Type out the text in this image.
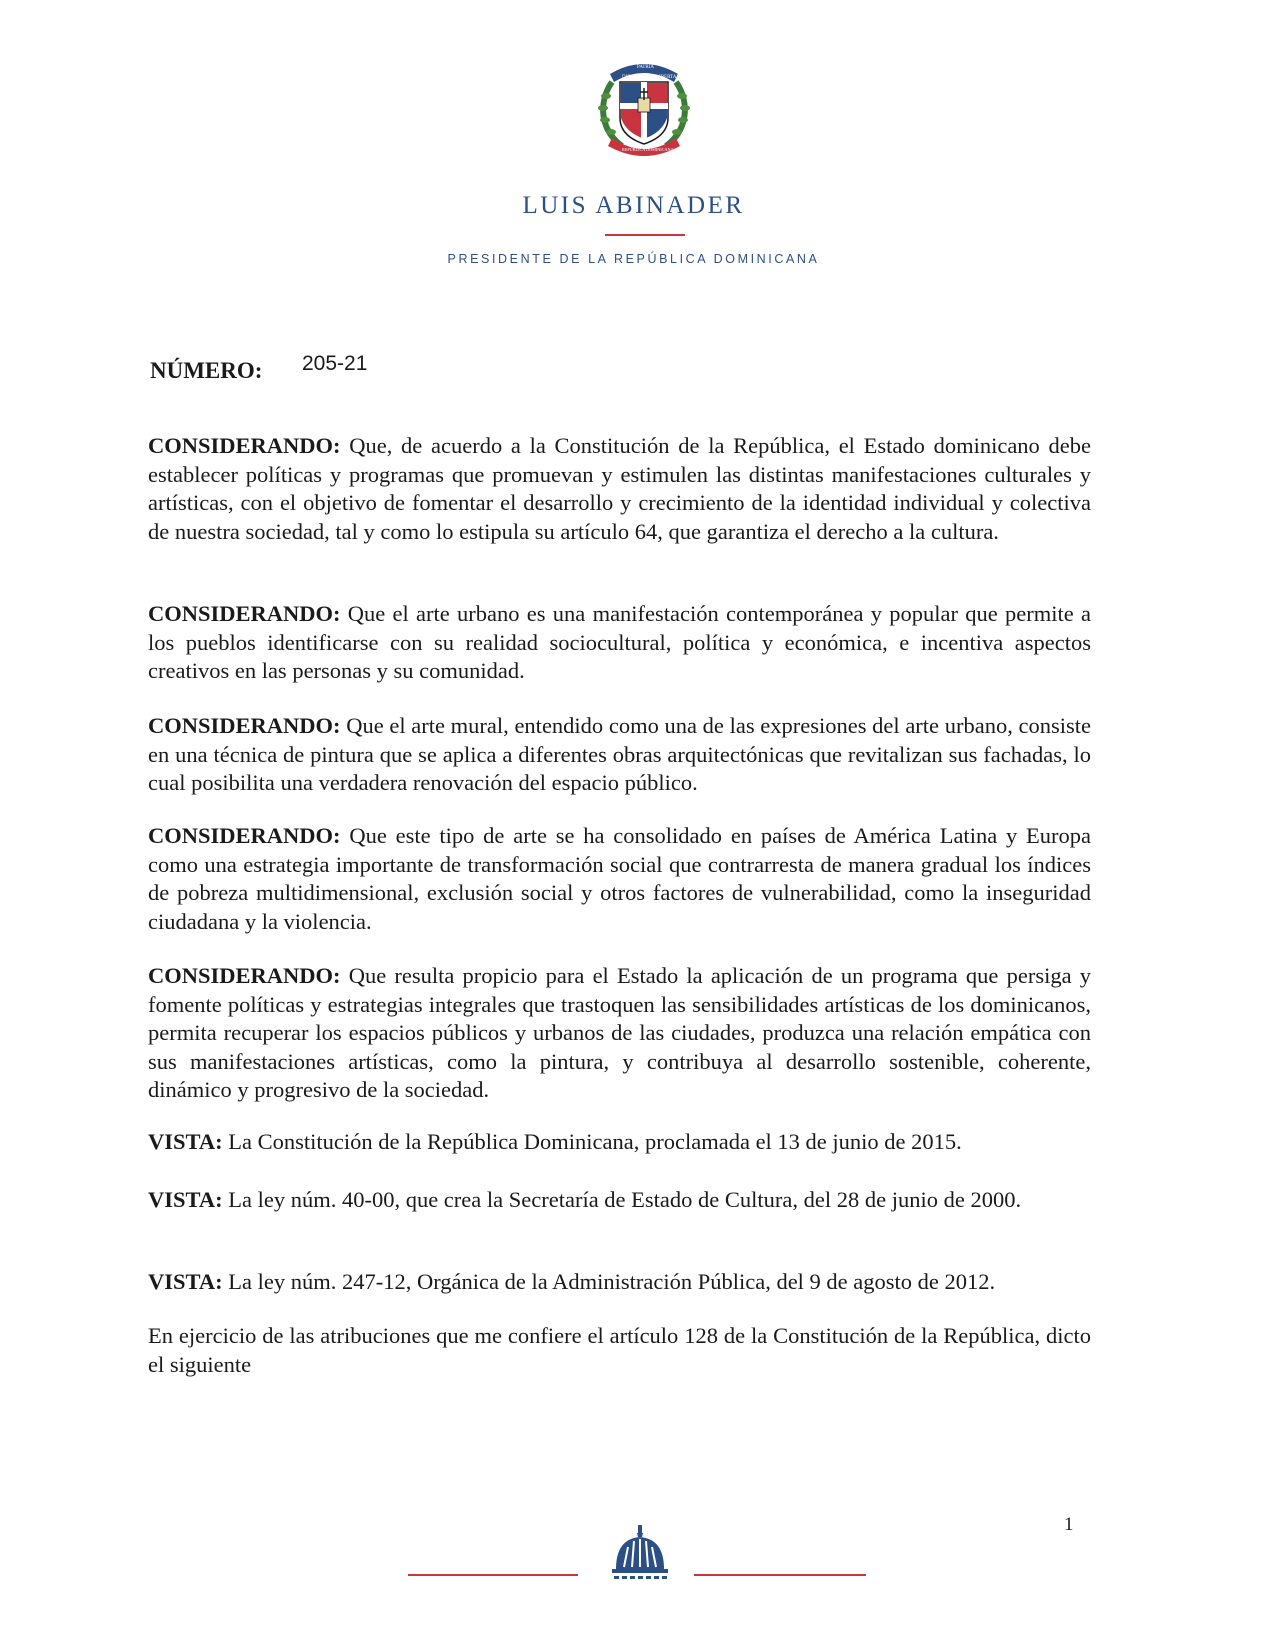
DIOS
PATRIA
LIBERTAD
REPÚBLICA DOMINICANA
LUIS ABINADER
PRESIDENTE DE LA REPÚBLICA DOMINICANA
NÚMERO: 205-21

CONSIDERANDO: Que, de acuerdo a la Constitución de la República, el Estado dominicano debe establecer políticas y programas que promuevan y estimulen las distintas manifestaciones culturales y artísticas, con el objetivo de fomentar el desarrollo y crecimiento de la identidad individual y colectiva de nuestra sociedad, tal y como lo estipula su artículo 64, que garantiza el derecho a la cultura.

CONSIDERANDO: Que el arte urbano es una manifestación contemporánea y popular que permite a los pueblos identificarse con su realidad sociocultural, política y económica, e incentiva aspectos creativos en las personas y su comunidad.

CONSIDERANDO: Que el arte mural, entendido como una de las expresiones del arte urbano, consiste en una técnica de pintura que se aplica a diferentes obras arquitectónicas que revitalizan sus fachadas, lo cual posibilita una verdadera renovación del espacio público.

CONSIDERANDO: Que este tipo de arte se ha consolidado en países de América Latina y Europa como una estrategia importante de transformación social que contrarresta de manera gradual los índices de pobreza multidimensional, exclusión social y otros factores de vulnerabilidad, como la inseguridad ciudadana y la violencia.

CONSIDERANDO: Que resulta propicio para el Estado la aplicación de un programa que persiga y fomente políticas y estrategias integrales que trastoquen las sensibilidades artísticas de los dominicanos, permita recuperar los espacios públicos y urbanos de las ciudades, produzca una relación empática con sus manifestaciones artísticas, como la pintura, y contribuya al desarrollo sostenible, coherente, dinámico y progresivo de la sociedad.

VISTA: La Constitución de la República Dominicana, proclamada el 13 de junio de 2015.

VISTA: La ley núm. 40-00, que crea la Secretaría de Estado de Cultura, del 28 de junio de 2000.

VISTA: La ley núm. 247-12, Orgánica de la Administración Pública, del 9 de agosto de 2012.

En ejercicio de las atribuciones que me confiere el artículo 128 de la Constitución de la República, dicto el siguiente

1
